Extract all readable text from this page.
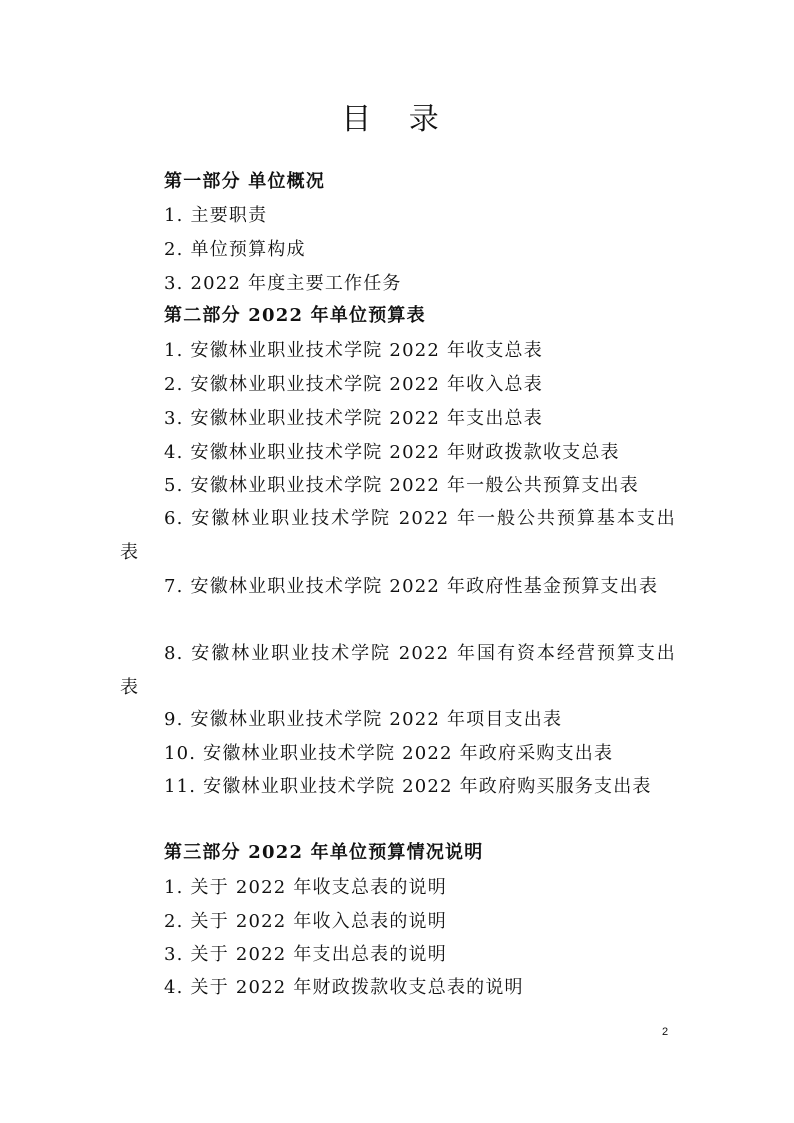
目 录
第一部分 单位概况
1. 主要职责
2. 单位预算构成
3. 2022 年度主要工作任务
第二部分 2022 年单位预算表
1. 安徽林业职业技术学院 2022 年收支总表
2. 安徽林业职业技术学院 2022 年收入总表
3. 安徽林业职业技术学院 2022 年支出总表
4. 安徽林业职业技术学院 2022 年财政拨款收支总表
5. 安徽林业职业技术学院 2022 年一般公共预算支出表
6. 安徽林业职业技术学院 2022 年一般公共预算基本支出表
7. 安徽林业职业技术学院 2022 年政府性基金预算支出表
8. 安徽林业职业技术学院 2022 年国有资本经营预算支出表
9. 安徽林业职业技术学院 2022 年项目支出表
10. 安徽林业职业技术学院 2022 年政府采购支出表
11. 安徽林业职业技术学院 2022 年政府购买服务支出表
第三部分 2022 年单位预算情况说明
1. 关于 2022 年收支总表的说明
2. 关于 2022 年收入总表的说明
3. 关于 2022 年支出总表的说明
4. 关于 2022 年财政拨款收支总表的说明
2
